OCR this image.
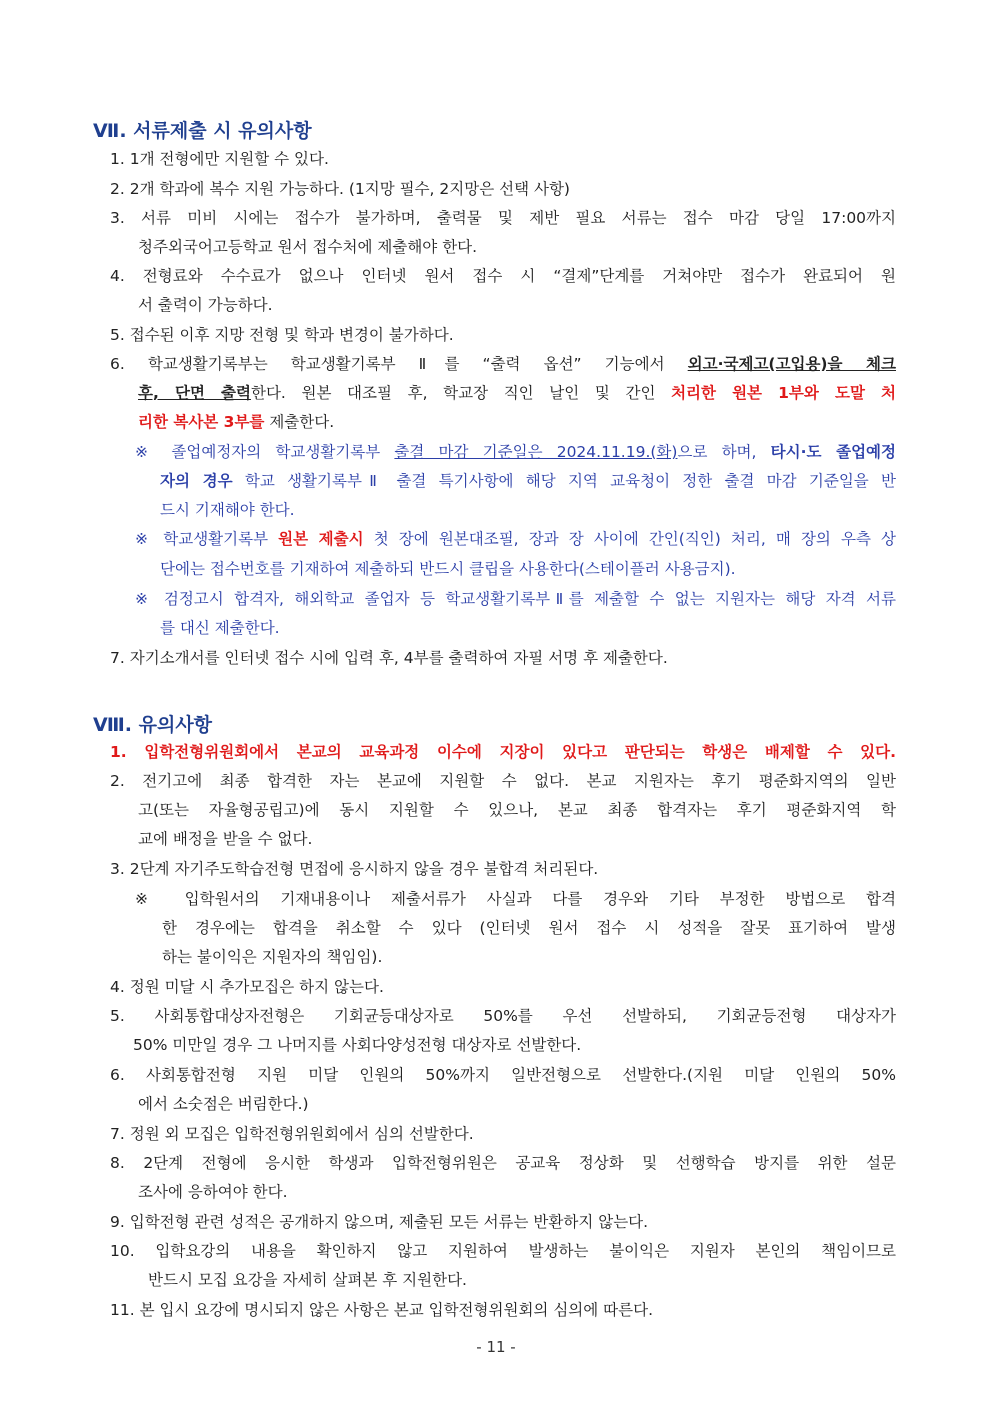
Ⅶ. 서류제출 시 유의사항
1. 1개 전형에만 지원할 수 있다.
2. 2개 학과에 복수 지원 가능하다. (1지망 필수, 2지망은 선택 사항)
3. 서류 미비 시에는 접수가 불가하며, 출력물 및 제반 필요 서류는 접수 마감 당일 17:00까지
청주외국어고등학교 원서 접수처에 제출해야 한다.
4. 전형료와 수수료가 없으나 인터넷 원서 접수 시 “결제”단계를 거쳐야만 접수가 완료되어 원
서 출력이 가능하다.
5. 접수된 이후 지망 전형 및 학과 변경이 불가하다.
6. 학교생활기록부는 학교생활기록부 Ⅱ를 “출력 옵션” 기능에서 외고·국제고(고입용)을 체크
후, 단면 출력한다. 원본 대조필 후, 학교장 직인 날인 및 간인 처리한 원본 1부와 도말 처
리한 복사본 3부를 제출한다.
※ 졸업예정자의 학교생활기록부 출결 마감 기준일은 2024.11.19.(화)으로 하며, 타시·도 졸업예정
자의 경우 학교 생활기록부Ⅱ 출결 특기사항에 해당 지역 교육청이 정한 출결 마감 기준일을 반
드시 기재해야 한다.
※ 학교생활기록부 원본 제출시 첫 장에 원본대조필, 장과 장 사이에 간인(직인) 처리, 매 장의 우측 상
단에는 접수번호를 기재하여 제출하되 반드시 클립을 사용한다(스테이플러 사용금지).
※ 검정고시 합격자, 해외학교 졸업자 등 학교생활기록부Ⅱ를 제출할 수 없는 지원자는 해당 자격 서류
를 대신 제출한다.
7. 자기소개서를 인터넷 접수 시에 입력 후, 4부를 출력하여 자필 서명 후 제출한다.
Ⅷ. 유의사항
1. 입학전형위원회에서 본교의 교육과정 이수에 지장이 있다고 판단되는 학생은 배제할 수 있다.
2. 전기고에 최종 합격한 자는 본교에 지원할 수 없다. 본교 지원자는 후기 평준화지역의 일반
고(또는 자율형공립고)에 동시 지원할 수 있으나, 본교 최종 합격자는 후기 평준화지역 학
교에 배정을 받을 수 없다.
3. 2단계 자기주도학습전형 면접에 응시하지 않을 경우 불합격 처리된다.
※ 입학원서의 기재내용이나 제출서류가 사실과 다를 경우와 기타 부정한 방법으로 합격
한 경우에는 합격을 취소할 수 있다 (인터넷 원서 접수 시 성적을 잘못 표기하여 발생
하는 불이익은 지원자의 책임임).
4. 정원 미달 시 추가모집은 하지 않는다.
5. 사회통합대상자전형은 기회균등대상자로 50%를 우선 선발하되, 기회균등전형 대상자가
50% 미만일 경우 그 나머지를 사회다양성전형 대상자로 선발한다.
6. 사회통합전형 지원 미달 인원의 50%까지 일반전형으로 선발한다.(지원 미달 인원의 50%
에서 소숫점은 버림한다.)
7. 정원 외 모집은 입학전형위원회에서 심의 선발한다.
8. 2단계 전형에 응시한 학생과 입학전형위원은 공교육 정상화 및 선행학습 방지를 위한 설문
조사에 응하여야 한다.
9. 입학전형 관련 성적은 공개하지 않으며, 제출된 모든 서류는 반환하지 않는다.
10. 입학요강의 내용을 확인하지 않고 지원하여 발생하는 불이익은 지원자 본인의 책임이므로
반드시 모집 요강을 자세히 살펴본 후 지원한다.
11. 본 입시 요강에 명시되지 않은 사항은 본교 입학전형위원회의 심의에 따른다.
- 11 -
